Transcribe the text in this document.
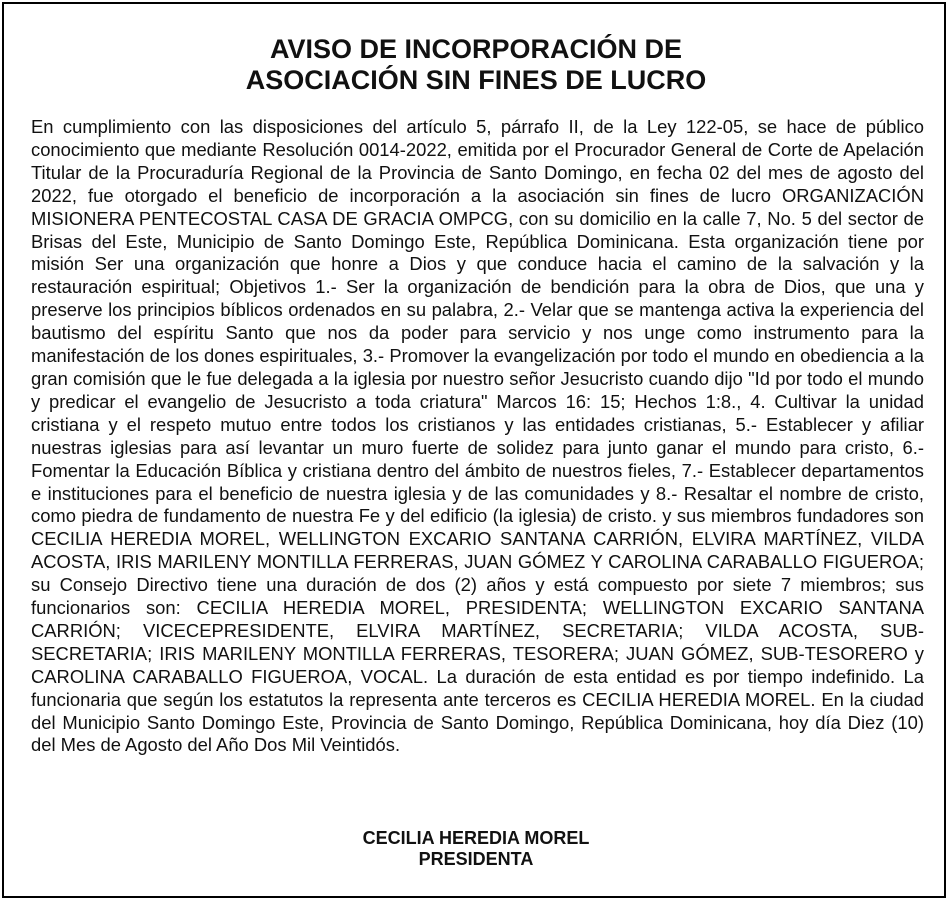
AVISO DE INCORPORACIÓN DE
ASOCIACIÓN SIN FINES DE LUCRO

En cumplimiento con las disposiciones del artículo 5, párrafo II, de la Ley 122-05, se hace de público conocimiento que mediante Resolución 0014-2022, emitida por el Procurador General de Corte de Apelación Titular de la Procuraduría Regional de la Provincia de Santo Domingo, en fecha 02 del mes de agosto del 2022, fue otorgado el beneficio de incorporación a la asociación sin fines de lucro ORGANIZACIÓN MISIONERA PENTECOSTAL CASA DE GRACIA OMPCG, con su domicilio en la calle 7, No. 5 del sector de Brisas del Este, Municipio de Santo Domingo Este, República Dominicana. Esta organización tiene por misión Ser una organización que honre a Dios y que conduce hacia el camino de la salvación y la restauración espiritual; Objetivos 1.- Ser la organización de bendición para la obra de Dios, que una y preserve los principios bíblicos ordenados en su palabra, 2.- Velar que se mantenga activa la experiencia del bautismo del espíritu Santo que nos da poder para servicio y nos unge como instrumento para la manifestación de los dones espirituales, 3.- Promover la evangelización por todo el mundo en obediencia a la gran comisión que le fue delegada a la iglesia por nuestro señor Jesucristo cuando dijo "Id por todo el mundo y predicar el evangelio de Jesucristo a toda criatura" Marcos 16: 15; Hechos 1:8., 4. Cultivar la unidad cristiana y el respeto mutuo entre todos los cristianos y las entidades cristianas, 5.- Establecer y afiliar nuestras iglesias para así levantar un muro fuerte de solidez para junto ganar el mundo para cristo, 6.- Fomentar la Educación Bíblica y cristiana dentro del ámbito de nuestros fieles, 7.- Establecer departamentos e instituciones para el beneficio de nuestra iglesia y de las comunidades y 8.- Resaltar el nombre de cristo, como piedra de fundamento de nuestra Fe y del edificio (la iglesia) de cristo. y sus miembros fundadores son CECILIA HEREDIA MOREL, WELLINGTON EXCARIO SANTANA CARRIÓN, ELVIRA MARTÍNEZ, VILDA ACOSTA, IRIS MARILENY MONTILLA FERRERAS, JUAN GÓMEZ Y CAROLINA CARABALLO FIGUEROA; su Consejo Directivo tiene una duración de dos (2) años y está compuesto por siete 7 miembros; sus funcionarios son: CECILIA HEREDIA MOREL, PRESIDENTA; WELLINGTON EXCARIO SANTANA CARRIÓN; VICECEPRESIDENTE, ELVIRA MARTÍNEZ, SECRETARIA; VILDA ACOSTA, SUB-SECRETARIA; IRIS MARILENY MONTILLA FERRERAS, TESORERA; JUAN GÓMEZ, SUB-TESORERO y CAROLINA CARABALLO FIGUEROA, VOCAL. La duración de esta entidad es por tiempo indefinido. La funcionaria que según los estatutos la representa ante terceros es CECILIA HEREDIA MOREL. En la ciudad del Municipio Santo Domingo Este, Provincia de Santo Domingo, República Dominicana, hoy día Diez (10) del Mes de Agosto del Año Dos Mil Veintidós.

CECILIA HEREDIA MOREL
PRESIDENTA
